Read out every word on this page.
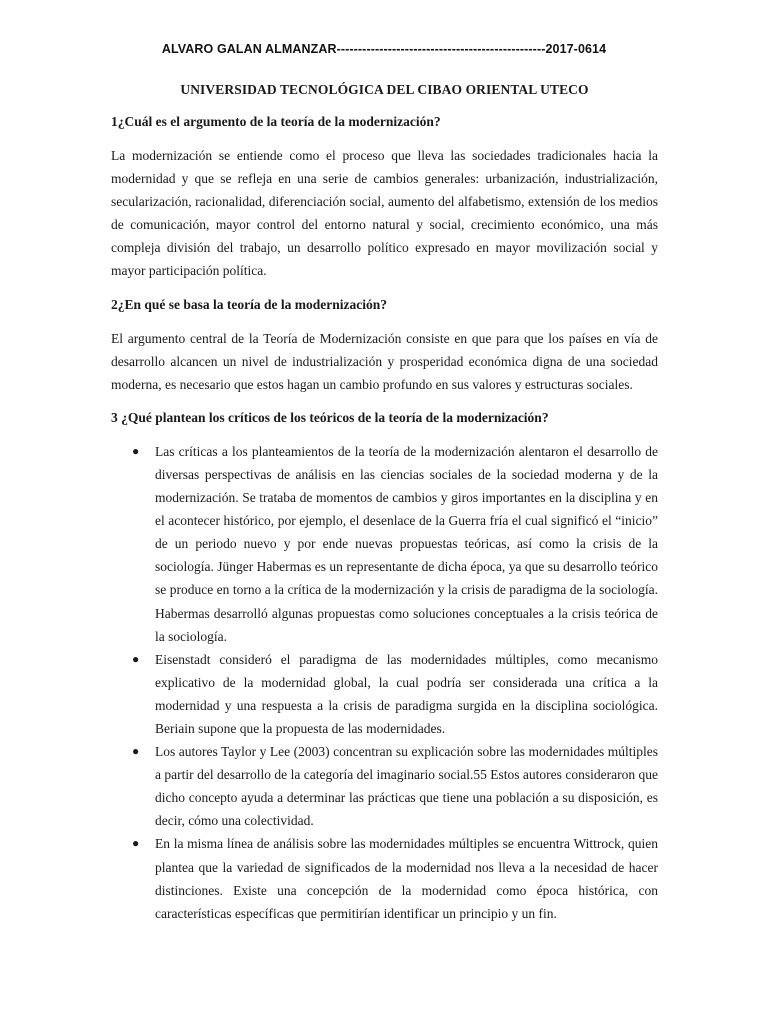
ALVARO GALAN ALMANZAR-------------------------------------------------2017-0614
UNIVERSIDAD TECNOLÓGICA DEL CIBAO ORIENTAL UTECO
1¿Cuál es el argumento de la teoría de la modernización?

La modernización se entiende como el proceso que lleva las sociedades tradicionales hacia la modernidad y que se refleja en una serie de cambios generales: urbanización, industrialización, secularización, racionalidad, diferenciación social, aumento del alfabetismo, extensión de los medios de comunicación, mayor control del entorno natural y social, crecimiento económico, una más compleja división del trabajo, un desarrollo político expresado en mayor movilización social y mayor participación política.

2¿En qué se basa la teoría de la modernización?

El argumento central de la Teoría de Modernización consiste en que para que los países en vía de desarrollo alcancen un nivel de industrialización y prosperidad económica digna de una sociedad moderna, es necesario que estos hagan un cambio profundo en sus valores y estructuras sociales.

3 ¿Qué plantean los críticos de los teóricos de la teoría de la modernización?
● Las críticas a los planteamientos de la teoría de la modernización alentaron el desarrollo de diversas perspectivas de análisis en las ciencias sociales de la sociedad moderna y de la modernización. Se trataba de momentos de cambios y giros importantes en la disciplina y en el acontecer histórico, por ejemplo, el desenlace de la Guerra fría el cual significó el “inicio” de un periodo nuevo y por ende nuevas propuestas teóricas, así como la crisis de la sociología. Jünger Habermas es un representante de dicha época, ya que su desarrollo teórico se produce en torno a la crítica de la modernización y la crisis de paradigma de la sociología. Habermas desarrolló algunas propuestas como soluciones conceptuales a la crisis teórica de la sociología.
● Eisenstadt consideró el paradigma de las modernidades múltiples, como mecanismo explicativo de la modernidad global, la cual podría ser considerada una crítica a la modernidad y una respuesta a la crisis de paradigma surgida en la disciplina sociológica. Beriain supone que la propuesta de las modernidades.
● Los autores Taylor y Lee (2003) concentran su explicación sobre las modernidades múltiples a partir del desarrollo de la categoría del imaginario social.55 Estos autores consideraron que dicho concepto ayuda a determinar las prácticas que tiene una población a su disposición, es decir, cómo una colectividad.
● En la misma línea de análisis sobre las modernidades múltiples se encuentra Wittrock, quien plantea que la variedad de significados de la modernidad nos lleva a la necesidad de hacer distinciones. Existe una concepción de la modernidad como época histórica, con características específicas que permitirían identificar un principio y un fin.
